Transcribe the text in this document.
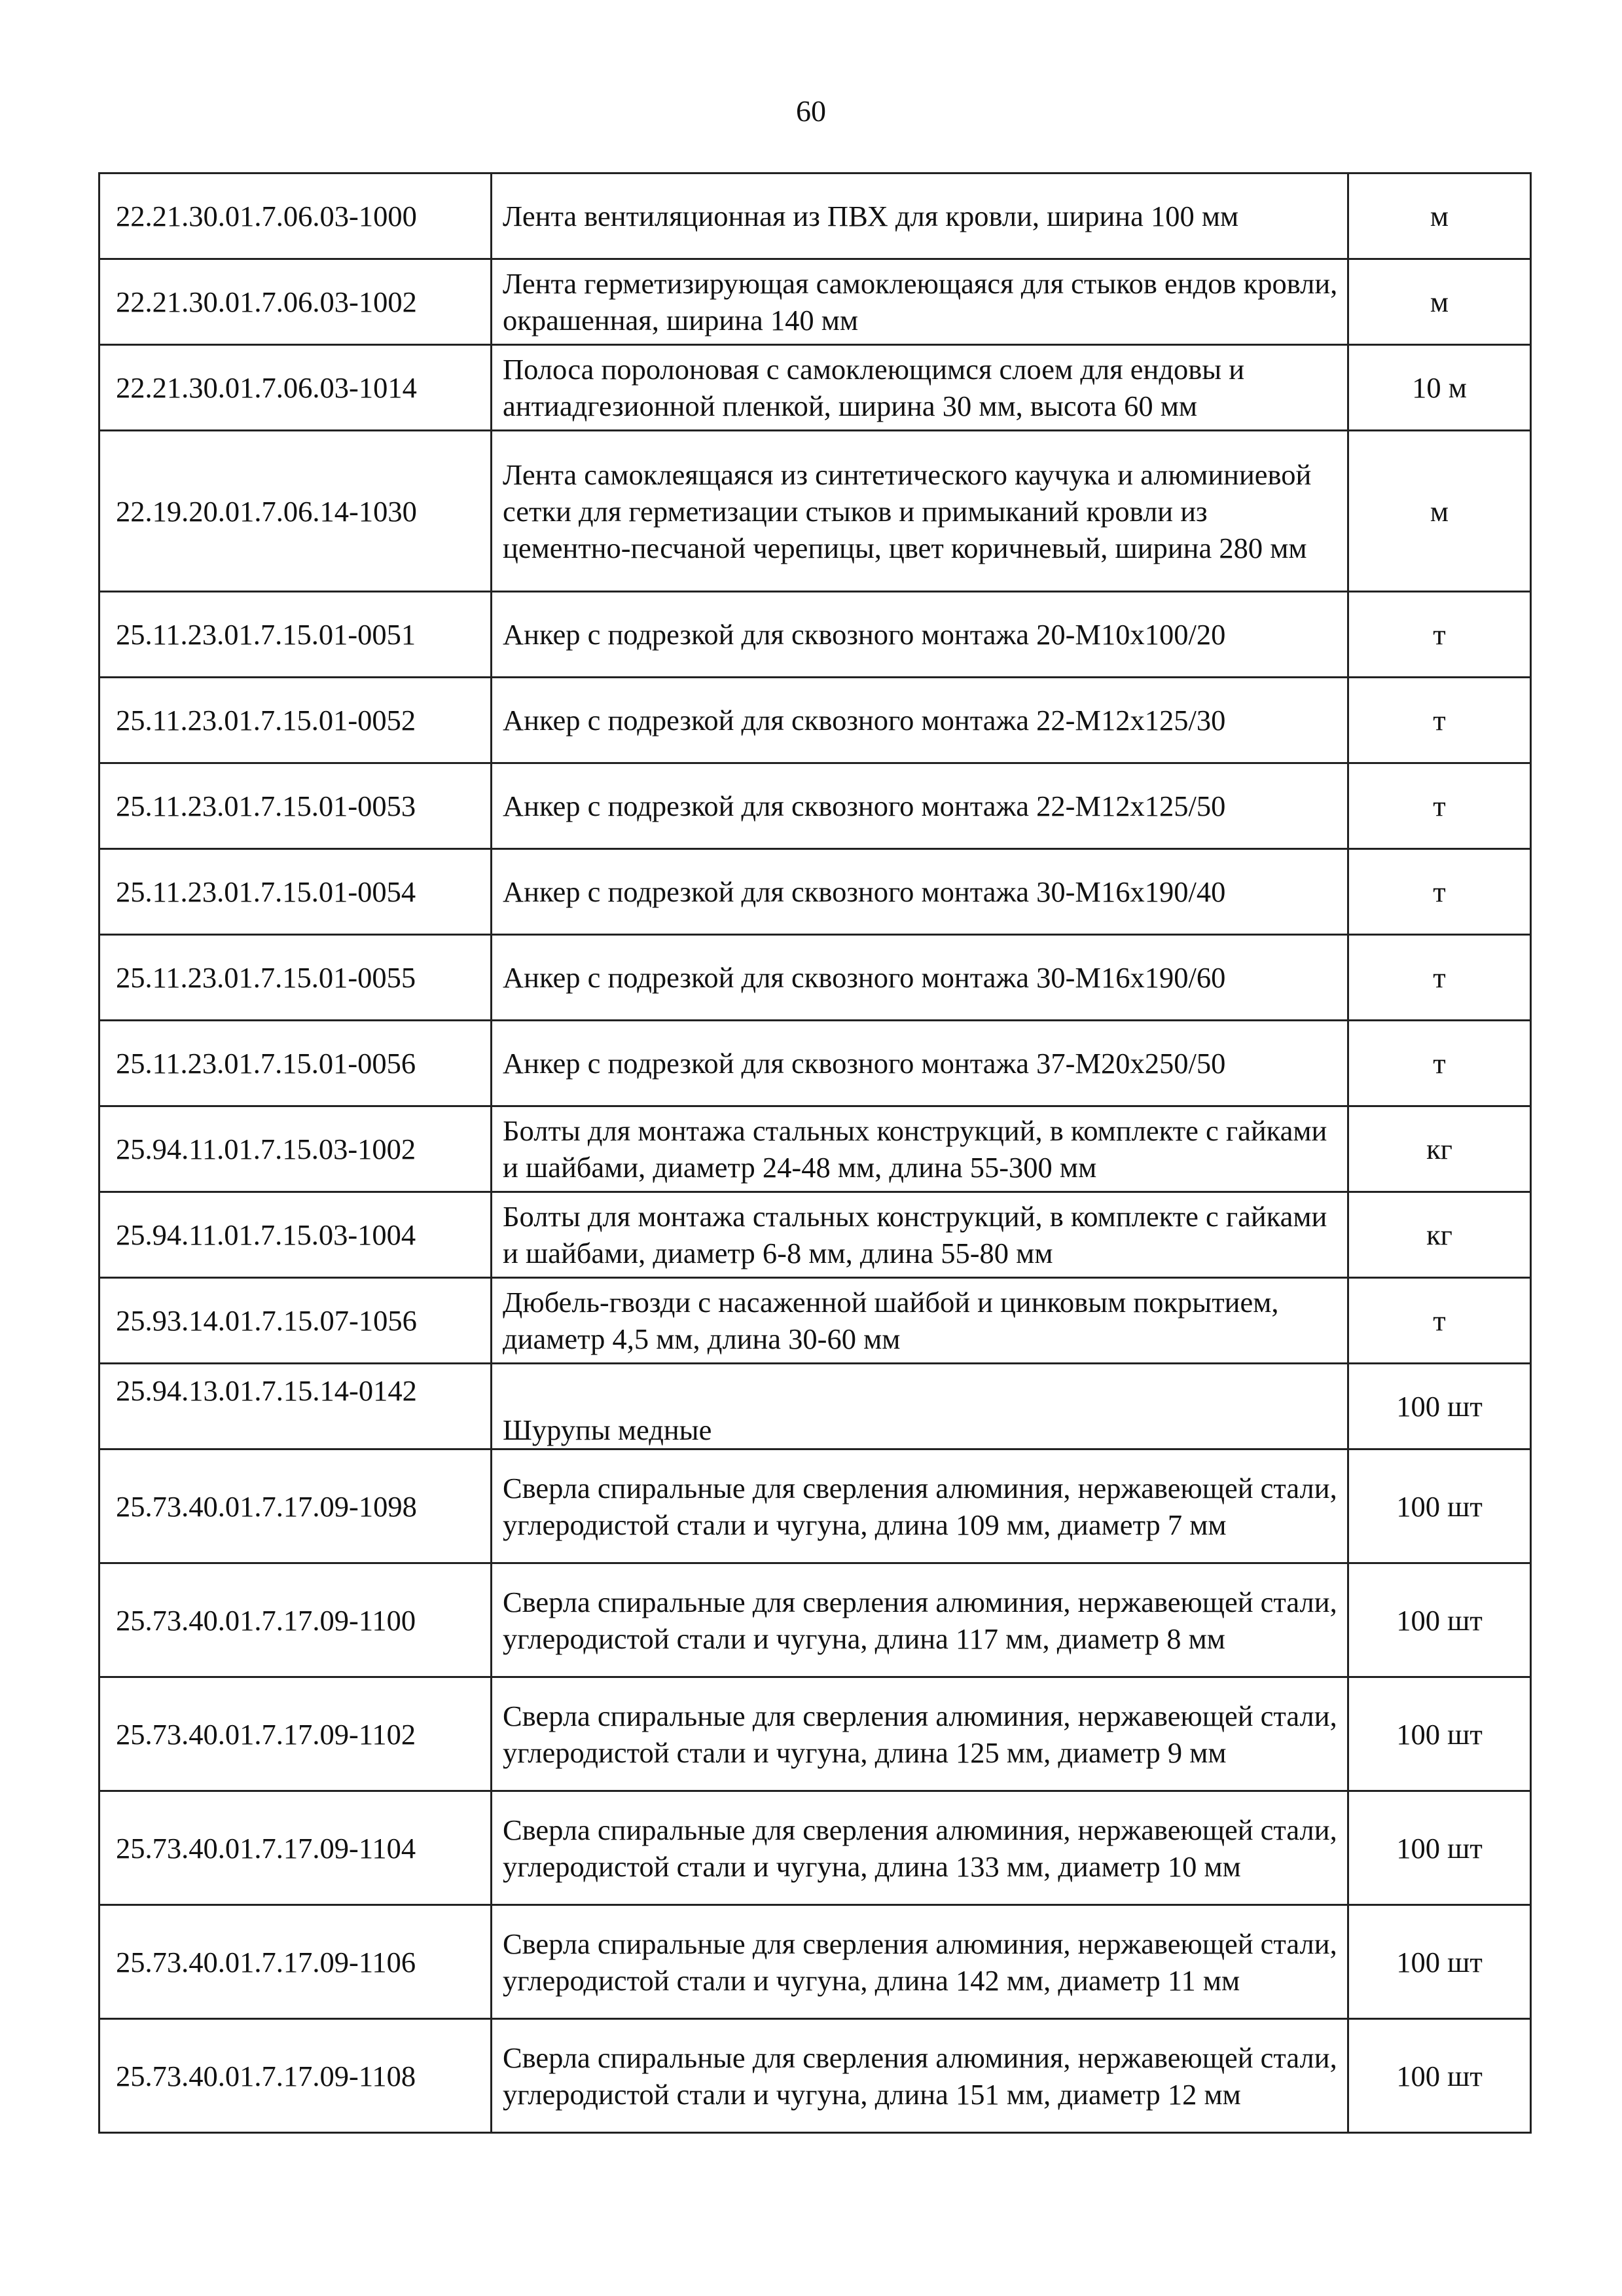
60
22.21.30.01.7.06.03-1000	Лента вентиляционная из ПВХ для кровли, ширина 100 мм	м
22.21.30.01.7.06.03-1002	Лента герметизирующая самоклеющаяся для стыков ендов кровли, окрашенная, ширина 140 мм	м
22.21.30.01.7.06.03-1014	Полоса поролоновая с самоклеющимся слоем для ендовы и антиадгезионной пленкой, ширина 30 мм, высота 60 мм	10 м
22.19.20.01.7.06.14-1030	Лента самоклеящаяся из синтетического каучука и алюминиевой сетки для герметизации стыков и примыканий кровли из цементно-песчаной черепицы, цвет коричневый, ширина 280 мм	м
25.11.23.01.7.15.01-0051	Анкер с подрезкой для сквозного монтажа 20-М10х100/20	т
25.11.23.01.7.15.01-0052	Анкер с подрезкой для сквозного монтажа 22-М12х125/30	т
25.11.23.01.7.15.01-0053	Анкер с подрезкой для сквозного монтажа 22-М12х125/50	т
25.11.23.01.7.15.01-0054	Анкер с подрезкой для сквозного монтажа 30-М16х190/40	т
25.11.23.01.7.15.01-0055	Анкер с подрезкой для сквозного монтажа 30-М16х190/60	т
25.11.23.01.7.15.01-0056	Анкер с подрезкой для сквозного монтажа 37-М20х250/50	т
25.94.11.01.7.15.03-1002	Болты для монтажа стальных конструкций, в комплекте с гайками и шайбами, диаметр 24-48 мм, длина 55-300 мм	кг
25.94.11.01.7.15.03-1004	Болты для монтажа стальных конструкций, в комплекте с гайками и шайбами, диаметр 6-8 мм, длина 55-80 мм	кг
25.93.14.01.7.15.07-1056	Дюбель-гвозди с насаженной шайбой и цинковым покрытием, диаметр 4,5 мм, длина 30-60 мм	т
25.94.13.01.7.15.14-0142	Шурупы медные	100 шт
25.73.40.01.7.17.09-1098	Сверла спиральные для сверления алюминия, нержавеющей стали, углеродистой стали и чугуна, длина 109 мм, диаметр 7 мм	100 шт
25.73.40.01.7.17.09-1100	Сверла спиральные для сверления алюминия, нержавеющей стали, углеродистой стали и чугуна, длина 117 мм, диаметр 8 мм	100 шт
25.73.40.01.7.17.09-1102	Сверла спиральные для сверления алюминия, нержавеющей стали, углеродистой стали и чугуна, длина 125 мм, диаметр 9 мм	100 шт
25.73.40.01.7.17.09-1104	Сверла спиральные для сверления алюминия, нержавеющей стали, углеродистой стали и чугуна, длина 133 мм, диаметр 10 мм	100 шт
25.73.40.01.7.17.09-1106	Сверла спиральные для сверления алюминия, нержавеющей стали, углеродистой стали и чугуна, длина 142 мм, диаметр 11 мм	100 шт
25.73.40.01.7.17.09-1108	Сверла спиральные для сверления алюминия, нержавеющей стали, углеродистой стали и чугуна, длина 151 мм, диаметр 12 мм	100 шт
